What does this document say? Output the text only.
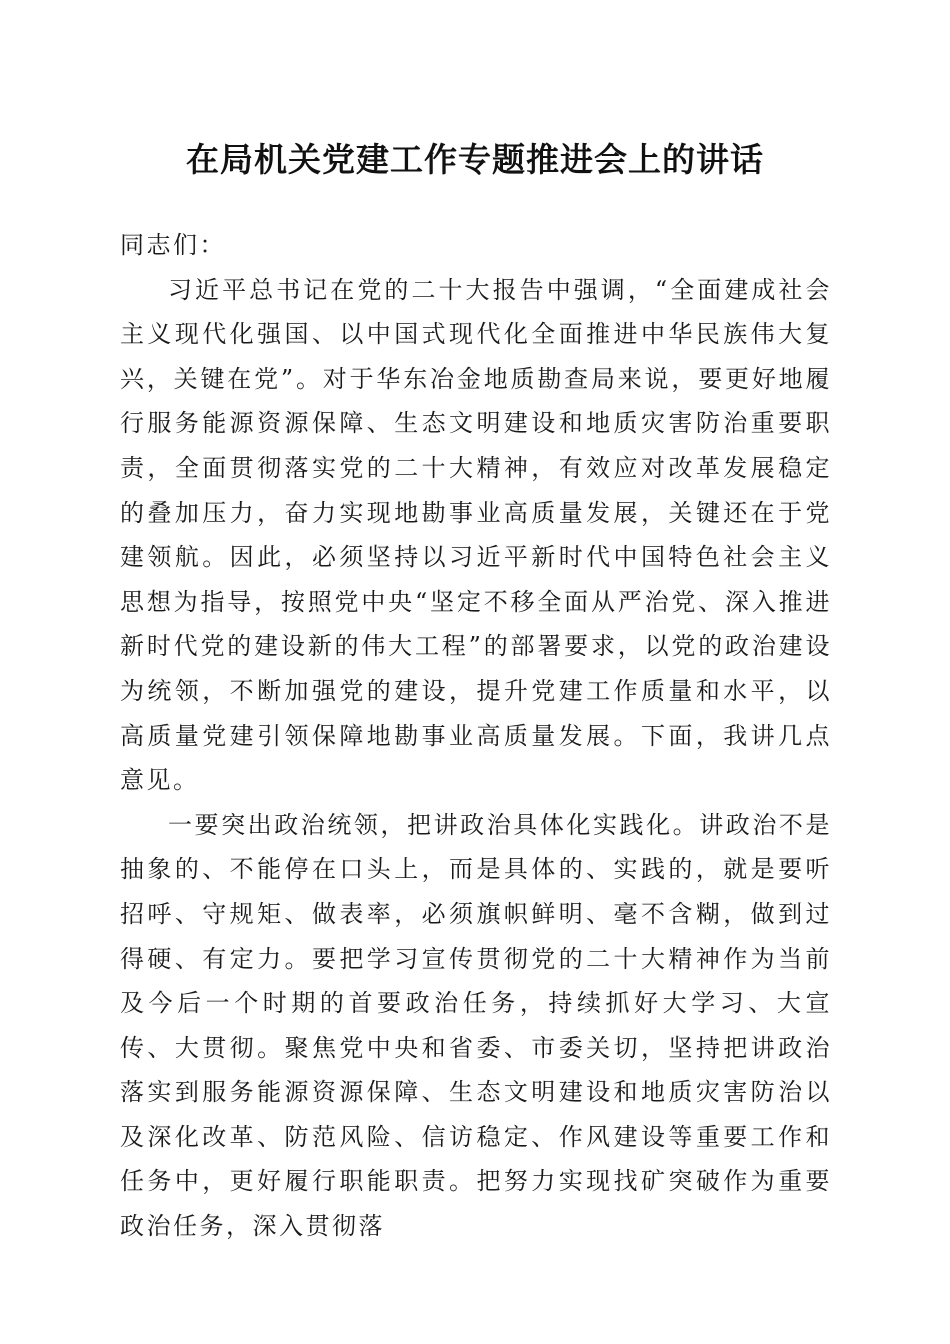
在局机关党建工作专题推进会上的讲话

同志们：

习近平总书记在党的二十大报告中强调，“全面建成社会主义现代化强国、以中国式现代化全面推进中华民族伟大复兴，关键在党”。对于华东冶金地质勘查局来说，要更好地履行服务能源资源保障、生态文明建设和地质灾害防治重要职责，全面贯彻落实党的二十大精神，有效应对改革发展稳定的叠加压力，奋力实现地勘事业高质量发展，关键还在于党建领航。因此，必须坚持以习近平新时代中国特色社会主义思想为指导，按照党中央“坚定不移全面从严治党、深入推进新时代党的建设新的伟大工程”的部署要求，以党的政治建设为统领，不断加强党的建设，提升党建工作质量和水平，以高质量党建引领保障地勘事业高质量发展。下面，我讲几点意见。

一要突出政治统领，把讲政治具体化实践化。讲政治不是抽象的、不能停在口头上，而是具体的、实践的，就是要听招呼、守规矩、做表率，必须旗帜鲜明、毫不含糊，做到过得硬、有定力。要把学习宣传贯彻党的二十大精神作为当前及今后一个时期的首要政治任务，持续抓好大学习、大宣传、大贯彻。聚焦党中央和省委、市委关切，坚持把讲政治落实到服务能源资源保障、生态文明建设和地质灾害防治以及深化改革、防范风险、信访稳定、作风建设等重要工作和任务中，更好履行职能职责。把努力实现找矿突破作为重要政治任务，深入贯彻落
